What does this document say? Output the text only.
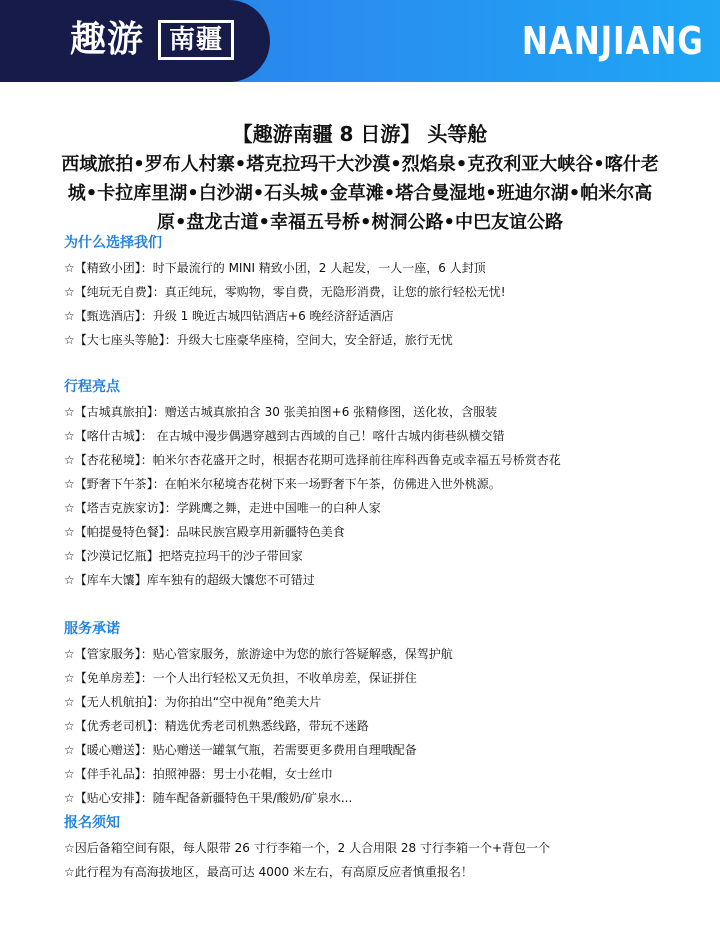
趣游 南疆	NANJIANG
【趣游南疆 8 日游】 头等舱
西域旅拍•罗布人村寨•塔克拉玛干大沙漠•烈焰泉•克孜利亚大峡谷•喀什老城•卡拉库里湖•白沙湖•石头城•金草滩•塔合曼湿地•班迪尔湖•帕米尔高原•盘龙古道•幸福五号桥•树洞公路•中巴友谊公路
为什么选择我们
☆【精致小团】：时下最流行的 MINI 精致小团，2 人起发，一人一座，6 人封顶
☆【纯玩无自费】：真正纯玩，零购物，零自费，无隐形消费，让您的旅行轻松无忧!
☆【甄选酒店】：升级 1 晚近古城四钻酒店+6 晚经济舒适酒店
☆【大七座头等舱】：升级大七座豪华座椅，空间大，安全舒适，旅行无忧
行程亮点
☆【古城真旅拍】：赠送古城真旅拍含 30 张美拍图+6 张精修图，送化妆，含服装
☆【喀什古城】： 在古城中漫步偶遇穿越到古西域的自己！喀什古城内街巷纵横交错
☆【杏花秘境】：帕米尔杏花盛开之时，根据杏花期可选择前往库科西鲁克或幸福五号桥赏杏花
☆【野奢下午茶】：在帕米尔秘境杏花树下来一场野奢下午茶，仿佛进入世外桃源。
☆【塔吉克族家访】：学跳鹰之舞，走进中国唯一的白种人家
☆【帕提曼特色餐】：品味民族宫殿享用新疆特色美食
☆【沙漠记忆瓶】把塔克拉玛干的沙子带回家
☆【库车大馕】库车独有的超级大馕您不可错过
服务承诺
☆【管家服务】：贴心管家服务，旅游途中为您的旅行答疑解惑，保驾护航
☆【免单房差】：一个人出行轻松又无负担，不收单房差，保证拼住
☆【无人机航拍】：为你拍出“空中视角”绝美大片
☆【优秀老司机】：精选优秀老司机熟悉线路，带玩不迷路
☆【暖心赠送】：贴心赠送一罐氧气瓶，若需要更多费用自理哦配备
☆【伴手礼品】：拍照神器：男士小花帽，女士丝巾
☆【贴心安排】：随车配备新疆特色干果/酸奶/矿泉水...
报名须知
☆因后备箱空间有限，每人限带 26 寸行李箱一个，2 人合用限 28 寸行李箱一个+背包一个
☆此行程为有高海拔地区，最高可达 4000 米左右，有高原反应者慎重报名！
